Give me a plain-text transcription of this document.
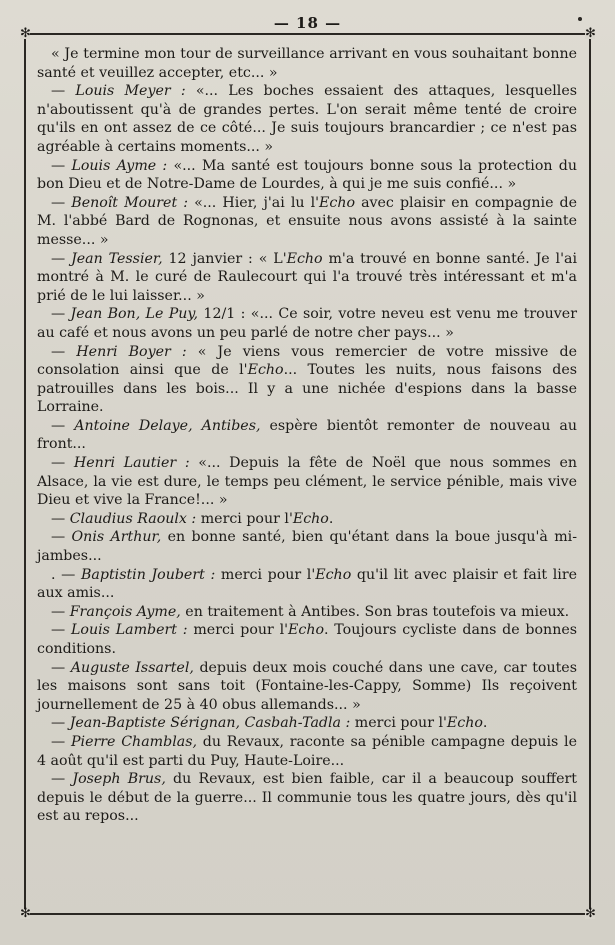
— 18 —
✻	✻
✻	✻

« Je termine mon tour de surveillance arrivant en vous souhaitant bonne santé et veuillez accepter, etc... »

— Louis Meyer : «... Les boches essaient des attaques, lesquelles n'aboutissent qu'à de grandes pertes. L'on serait même tenté de croire qu'ils en ont assez de ce côté... Je suis toujours brancardier ; ce n'est pas agréable à certains moments... »

— Louis Ayme : «... Ma santé est toujours bonne sous la protection du bon Dieu et de Notre-Dame de Lourdes, à qui je me suis confié... »

— Benoît Mouret : «... Hier, j'ai lu l'Echo avec plaisir en compagnie de M. l'abbé Bard de Rognonas, et ensuite nous avons assisté à la sainte messe... »

— Jean Tessier, 12 janvier : « L'Echo m'a trouvé en bonne santé. Je l'ai montré à M. le curé de Raulecourt qui l'a trouvé très intéressant et m'a prié de le lui laisser... »

— Jean Bon, Le Puy, 12/1 : «... Ce soir, votre neveu est venu me trouver au café et nous avons un peu parlé de notre cher pays... »

— Henri Boyer : « Je viens vous remercier de votre missive de consolation ainsi que de l'Echo... Toutes les nuits, nous faisons des patrouilles dans les bois... Il y a une nichée d'espions dans la basse Lorraine.

— Antoine Delaye, Antibes, espère bientôt remonter de nouveau au front...

— Henri Lautier : «... Depuis la fête de Noël que nous sommes en Alsace, la vie est dure, le temps peu clément, le service pénible, mais vive Dieu et vive la France!... »

— Claudius Raoulx : merci pour l'Echo.

— Onis Arthur, en bonne santé, bien qu'étant dans la boue jusqu'à mi-jambes...

. — Baptistin Joubert : merci pour l'Echo qu'il lit avec plaisir et fait lire aux amis...

— François Ayme, en traitement à Antibes. Son bras toutefois va mieux.

— Louis Lambert : merci pour l'Echo. Toujours cycliste dans de bonnes conditions.

— Auguste Issartel, depuis deux mois couché dans une cave, car toutes les maisons sont sans toit (Fontaine-les-Cappy, Somme) Ils reçoivent journellement de 25 à 40 obus allemands... »

— Jean-Baptiste Sérignan, Casbah-Tadla : merci pour l'Echo.

— Pierre Chamblas, du Revaux, raconte sa pénible campagne depuis le 4 août qu'il est parti du Puy, Haute-Loire...

— Joseph Brus, du Revaux, est bien faible, car il a beaucoup souffert depuis le début de la guerre... Il communie tous les quatre jours, dès qu'il est au repos...
